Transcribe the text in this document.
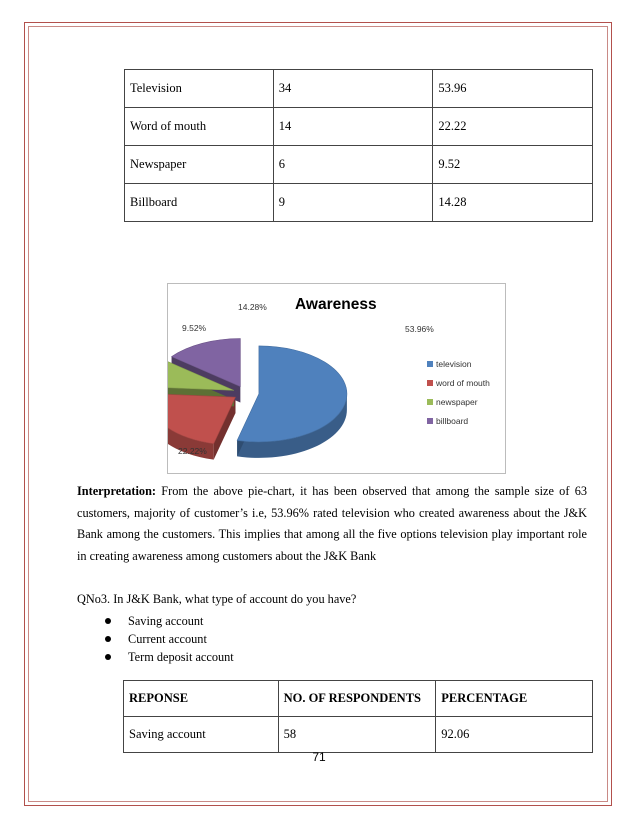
Television	34	53.96
Word of mouth	14	22.22
Newspaper	6	9.52
Billboard	9	14.28
53.96%
22.22%
9.52%
14.28% Awareness
television
word of mouth
newspaper
billboard

Interpretation: From the above pie-chart, it has been observed that among the sample size of 63 customers, majority of customer’s i.e, 53.96% rated television who created awareness about the J&K Bank among the customers. This implies that among all the five options television play important role in creating awareness among customers about the J&K Bank

QNo3. In J&K Bank, what type of account do you have?

Saving account
Current account
Term deposit account
REPONSE	NO. OF RESPONDENTS	PERCENTAGE
Saving account	58	92.06
71
